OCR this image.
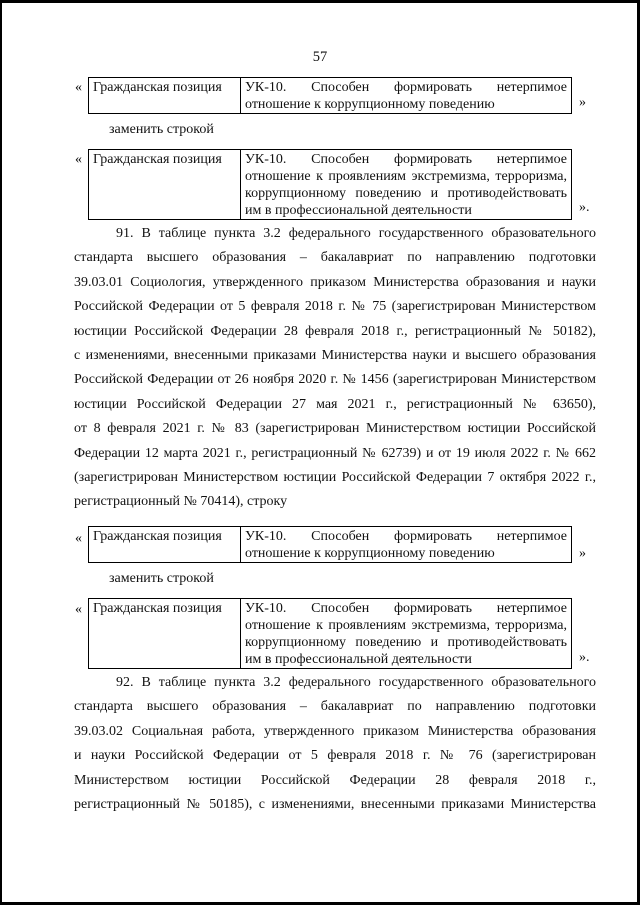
57
« Гражданская позиция	УК-10. Способен формировать нетерпимое
отношение к коррупционному поведению	»
заменить строкой
« Гражданская позиция	УК-10. Способен формировать нетерпимое
отношение к проявлениям экстремизма, терроризма,
коррупционному поведению и противодействовать
им в профессиональной деятельности	».
91. В таблице пункта 3.2 федерального государственного образовательного
стандарта высшего образования – бакалавриат по направлению подготовки
39.03.01 Социология, утвержденного приказом Министерства образования и науки
Российской Федерации от 5 февраля 2018 г. № 75 (зарегистрирован Министерством
юстиции Российской Федерации 28 февраля 2018 г., регистрационный № 50182),
с изменениями, внесенными приказами Министерства науки и высшего образования
Российской Федерации от 26 ноября 2020 г. № 1456 (зарегистрирован Министерством
юстиции Российской Федерации 27 мая 2021 г., регистрационный № 63650),
от 8 февраля 2021 г. № 83 (зарегистрирован Министерством юстиции Российской
Федерации 12 марта 2021 г., регистрационный № 62739) и от 19 июля 2022 г. № 662
(зарегистрирован Министерством юстиции Российской Федерации 7 октября 2022 г.,
регистрационный № 70414), строку
« Гражданская позиция	УК-10. Способен формировать нетерпимое
отношение к коррупционному поведению	»
заменить строкой
« Гражданская позиция	УК-10. Способен формировать нетерпимое
отношение к проявлениям экстремизма, терроризма,
коррупционному поведению и противодействовать
им в профессиональной деятельности	».
92. В таблице пункта 3.2 федерального государственного образовательного
стандарта высшего образования – бакалавриат по направлению подготовки
39.03.02 Социальная работа, утвержденного приказом Министерства образования
и науки Российской Федерации от 5 февраля 2018 г. № 76 (зарегистрирован
Министерством юстиции Российской Федерации 28 февраля 2018 г.,
регистрационный № 50185), с изменениями, внесенными приказами Министерства
